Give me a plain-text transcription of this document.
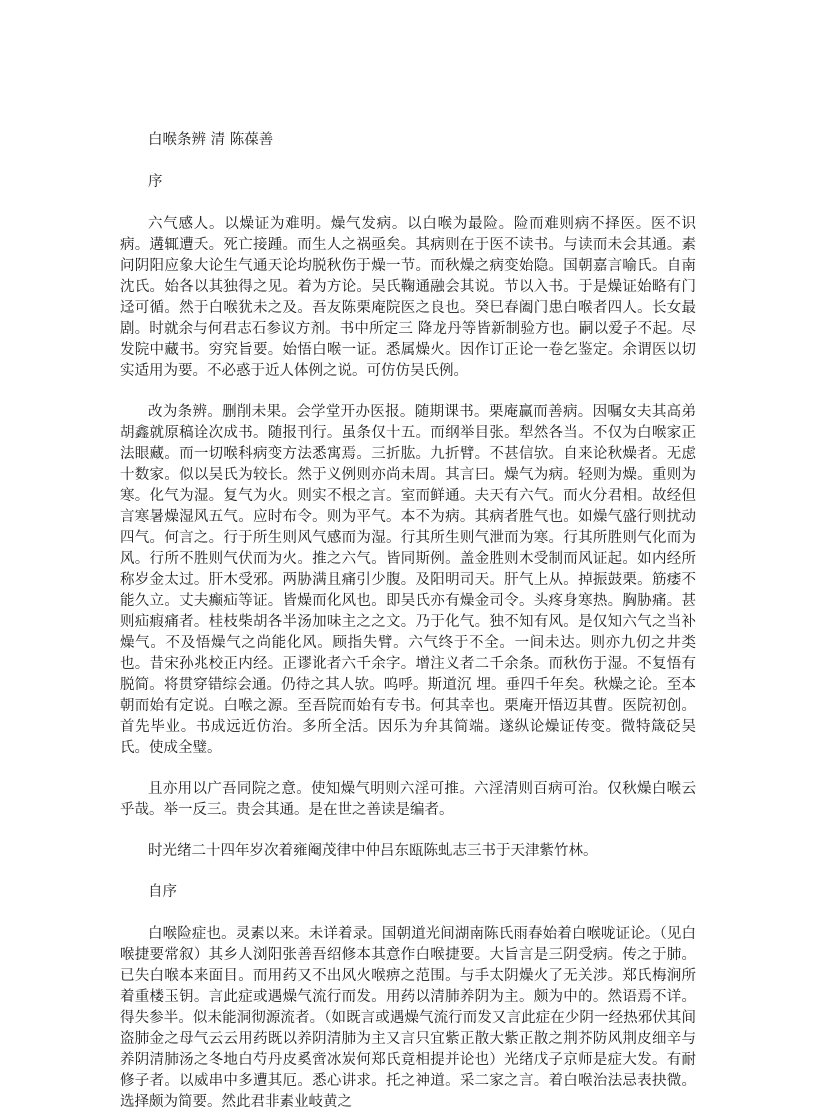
白喉条辨 清 陈葆善
序

六气感人。以燥证为难明。燥气发病。以白喉为最险。险而难则病不择医。医不识病。遘辄遭夭。死亡接踵。而生人之祸亟矣。其病则在于医不读书。与读而未会其通。素问阴阳应象大论生气通天论均脱秋伤于燥一节。而秋燥之病变始隐。国朝嘉言喻氏。自南沈氏。始各以其独得之见。着为方论。吴氏鞠通融会其说。节以入书。于是燥证始略有门迳可循。然于白喉犹未之及。吾友陈栗庵院医之良也。癸巳春阖门患白喉者四人。长女最剧。时就余与何君志石参议方剂。书中所定三 降龙丹等皆新制验方也。嗣以爱子不起。尽发院中藏书。穷究旨要。始悟白喉一证。悉属燥火。因作订正论一卷乞鉴定。余谓医以切实适用为要。不必惑于近人体例之说。可仿仿吴氏例。

改为条辨。删削未果。会学堂开办医报。随期课书。栗庵赢而善病。因嘱女夫其高弟胡鑫就原稿诠次成书。随报刊行。虽条仅十五。而纲举目张。犁然各当。不仅为白喉家正法眼藏。而一切喉科病变方法悉寓焉。三折肱。九折臂。不甚信欤。自来论秋燥者。无虑十数家。似以吴氏为较长。然于义例则亦尚未周。其言曰。燥气为病。轻则为燥。重则为寒。化气为湿。复气为火。则实不根之言。室而鲜通。夫天有六气。而火分君相。故经但言寒暑燥湿风五气。应时布令。则为平气。本不为病。其病者胜气也。如燥气盛行则扰动四气。何言之。行于所生则风气感而为湿。行其所生则气泄而为寒。行其所胜则气化而为风。行所不胜则气伏而为火。推之六气。皆同斯例。盖金胜则木受制而风证起。如内经所称岁金太过。肝木受邪。两胁满且痛引少腹。及阳明司天。肝气上从。掉振鼓栗。筋痿不能久立。丈夫癫疝等证。皆燥而化风也。即吴氏亦有燥金司令。头疼身寒热。胸胁痛。甚则疝瘕痛者。桂枝柴胡各半汤加味主之之文。乃于化气。独不知有风。是仅知六气之当补燥气。不及悟燥气之尚能化风。顾指失臂。六气终于不全。一间未达。则亦九仞之井类也。昔宋孙兆校正内经。正谬讹者六千余字。增注义者二千余条。而秋伤于湿。不复悟有脱简。将贯穿错综会通。仍待之其人欤。呜呼。斯道沉 埋。垂四千年矣。秋燥之论。至本朝而始有定说。白喉之源。至吾院而始有专书。何其幸也。栗庵开悟迈其曹。医院初创。首先毕业。书成远近仿治。多所全活。因乐为弁其简端。遂纵论燥证传变。微特箴砭吴氏。使成全璧。

且亦用以广吾同院之意。使知燥气明则六淫可推。六淫清则百病可治。仅秋燥白喉云乎哉。举一反三。贵会其通。是在世之善读是编者。

时光绪二十四年岁次着雍阉茂律中仲吕东瓯陈虬志三书于天津紫竹林。

自序

白喉险症也。灵素以来。未详着录。国朝道光间湖南陈氏雨春始着白喉咙证论。（见白喉捷要常叙）其乡人浏阳张善吾绍修本其意作白喉捷要。大旨言是三阴受病。传之于肺。已失白喉本来面目。而用药又不出风火喉痹之范围。与手太阴燥火了无关涉。郑氏梅涧所着重楼玉钥。言此症或遇燥气流行而发。用药以清肺养阴为主。颇为中的。然语焉不详。得失参半。似未能洞彻源流者。（如既言或遇燥气流行而发又言此症在少阴一经热邪伏其间盗肺金之母气云云用药既以养阴清肺为主又言只宜紫正散大紫正散之荆芥防风荆皮细辛与养阴清肺汤之冬地白芍丹皮奚啻冰炭何郑氏竟相提并论也）光绪戊子京师是症大发。有耐修子者。以威串中多遭其厄。悉心讲求。托之神道。采二家之言。着白喉治法忌表抉微。选择颇为简要。然此君非素业岐黄之
